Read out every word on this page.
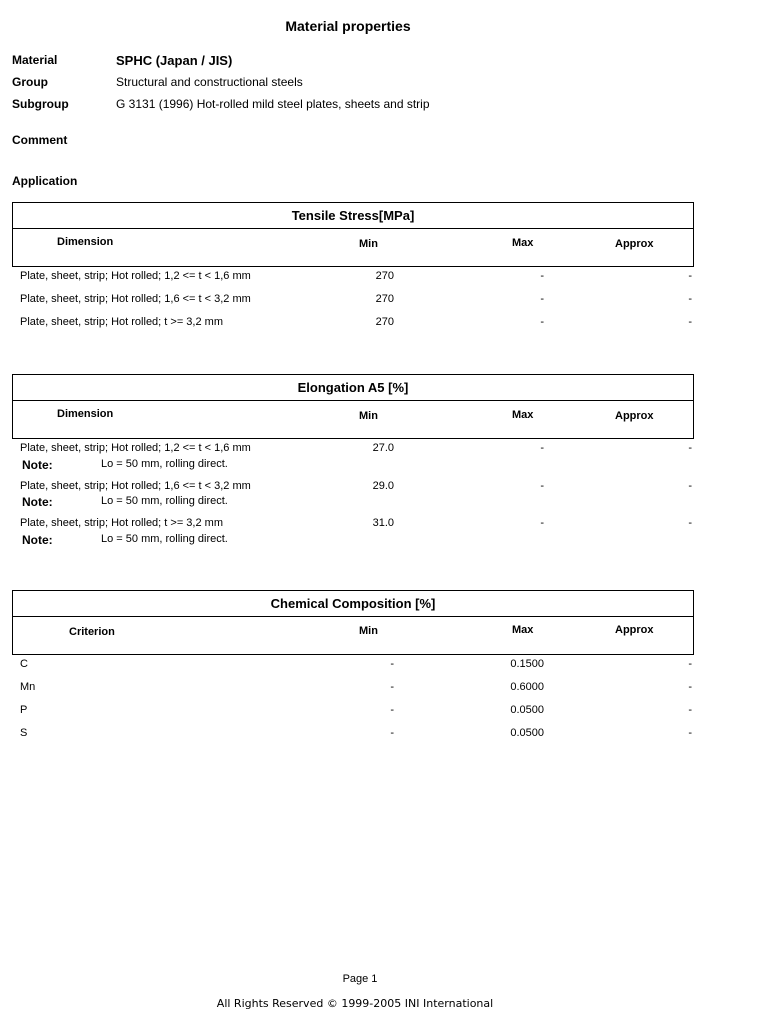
Material properties
Material	SPHC (Japan / JIS)
Group	Structural and constructional steels
Subgroup	G 3131 (1996) Hot-rolled mild steel plates, sheets and strip
Comment
Application
Tensile Stress[MPa]
Dimension	Min	Max	Approx
Plate, sheet, strip; Hot rolled; 1,2 <= t < 1,6 mm	270	-	-
Plate, sheet, strip; Hot rolled; 1,6 <= t < 3,2 mm	270	-	-
Plate, sheet, strip; Hot rolled; t >= 3,2 mm	270	-	-
Elongation A5 [%]
Dimension	Min	Max	Approx
Plate, sheet, strip; Hot rolled; 1,2 <= t < 1,6 mm	27.0	-	-
Note:	Lo = 50 mm, rolling direct.
Plate, sheet, strip; Hot rolled; 1,6 <= t < 3,2 mm	29.0	-	-
Note:	Lo = 50 mm, rolling direct.
Plate, sheet, strip; Hot rolled; t >= 3,2 mm	31.0	-	-
Note:	Lo = 50 mm, rolling direct.
Chemical Composition [%]
Criterion	Min	Max	Approx
C	-	0.1500	-
Mn	-	0.6000	-
P	-	0.0500	-
S	-	0.0500	-
Page 1
All Rights Reserved © 1999-2005 INI International
